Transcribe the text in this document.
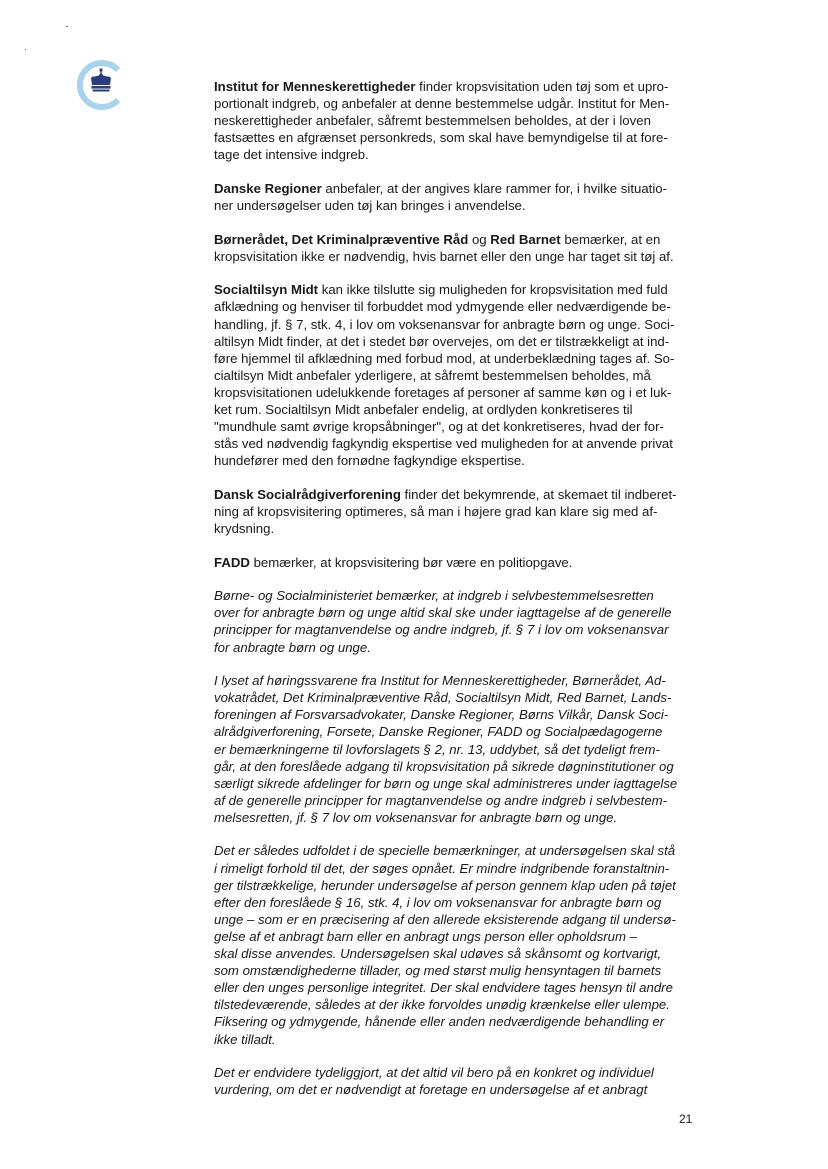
Institut for Menneskerettigheder finder kropsvisitation uden tøj som et upro-
portionalt indgreb, og anbefaler at denne bestemmelse udgår. Institut for Men-
neskerettigheder anbefaler, såfremt bestemmelsen beholdes, at der i loven
fastsættes en afgrænset personkreds, som skal have bemyndigelse til at fore-
tage det intensive indgreb.

Danske Regioner anbefaler, at der angives klare rammer for, i hvilke situatio-
ner undersøgelser uden tøj kan bringes i anvendelse.

Børnerådet, Det Kriminalpræventive Råd og Red Barnet bemærker, at en
kropsvisitation ikke er nødvendig, hvis barnet eller den unge har taget sit tøj af.

Socialtilsyn Midt kan ikke tilslutte sig muligheden for kropsvisitation med fuld
afklædning og henviser til forbuddet mod ydmygende eller nedværdigende be-
handling, jf. § 7, stk. 4, i lov om voksenansvar for anbragte børn og unge. Soci-
altilsyn Midt finder, at det i stedet bør overvejes, om det er tilstrækkeligt at ind-
føre hjemmel til afklædning med forbud mod, at underbeklædning tages af. So-
cialtilsyn Midt anbefaler yderligere, at såfremt bestemmelsen beholdes, må
kropsvisitationen udelukkende foretages af personer af samme køn og i et luk-
ket rum. Socialtilsyn Midt anbefaler endelig, at ordlyden konkretiseres til
"mundhule samt øvrige kropsåbninger", og at det konkretiseres, hvad der for-
stås ved nødvendig fagkyndig ekspertise ved muligheden for at anvende privat
hundefører med den fornødne fagkyndige ekspertise.

Dansk Socialrådgiverforening finder det bekymrende, at skemaet til indberet-
ning af kropsvisitering optimeres, så man i højere grad kan klare sig med af-
krydsning.

FADD bemærker, at kropsvisitering bør være en politiopgave.

Børne- og Socialministeriet bemærker, at indgreb i selvbestemmelsesretten
over for anbragte børn og unge altid skal ske under iagttagelse af de generelle
principper for magtanvendelse og andre indgreb, jf. § 7 i lov om voksenansvar
for anbragte børn og unge.

I lyset af høringssvarene fra Institut for Menneskerettigheder, Børnerådet, Ad-
vokatrådet, Det Kriminalpræventive Råd, Socialtilsyn Midt, Red Barnet, Lands-
foreningen af Forsvarsadvokater, Danske Regioner, Børns Vilkår, Dansk Soci-
alrådgiverforening, Forsete, Danske Regioner, FADD og Socialpædagogerne
er bemærkningerne til lovforslagets § 2, nr. 13, uddybet, så det tydeligt frem-
går, at den foreslåede adgang til kropsvisitation på sikrede døgninstitutioner og
særligt sikrede afdelinger for børn og unge skal administreres under iagttagelse
af de generelle principper for magtanvendelse og andre indgreb i selvbestem-
melsesretten, jf. § 7 lov om voksenansvar for anbragte børn og unge.

Det er således udfoldet i de specielle bemærkninger, at undersøgelsen skal stå
i rimeligt forhold til det, der søges opnået. Er mindre indgribende foranstaltnin-
ger tilstrækkelige, herunder undersøgelse af person gennem klap uden på tøjet
efter den foreslåede § 16, stk. 4, i lov om voksenansvar for anbragte børn og
unge – som er en præcisering af den allerede eksisterende adgang til undersø-
gelse af et anbragt barn eller en anbragt ungs person eller opholdsrum –
skal disse anvendes. Undersøgelsen skal udøves så skånsomt og kortvarigt,
som omstændighederne tillader, og med størst mulig hensyntagen til barnets
eller den unges personlige integritet. Der skal endvidere tages hensyn til andre
tilstedeværende, således at der ikke forvoldes unødig krænkelse eller ulempe.
Fiksering og ydmygende, hånende eller anden nedværdigende behandling er
ikke tilladt.

Det er endvidere tydeliggjort, at det altid vil bero på en konkret og individuel
vurdering, om det er nødvendigt at foretage en undersøgelse af et anbragt

21
